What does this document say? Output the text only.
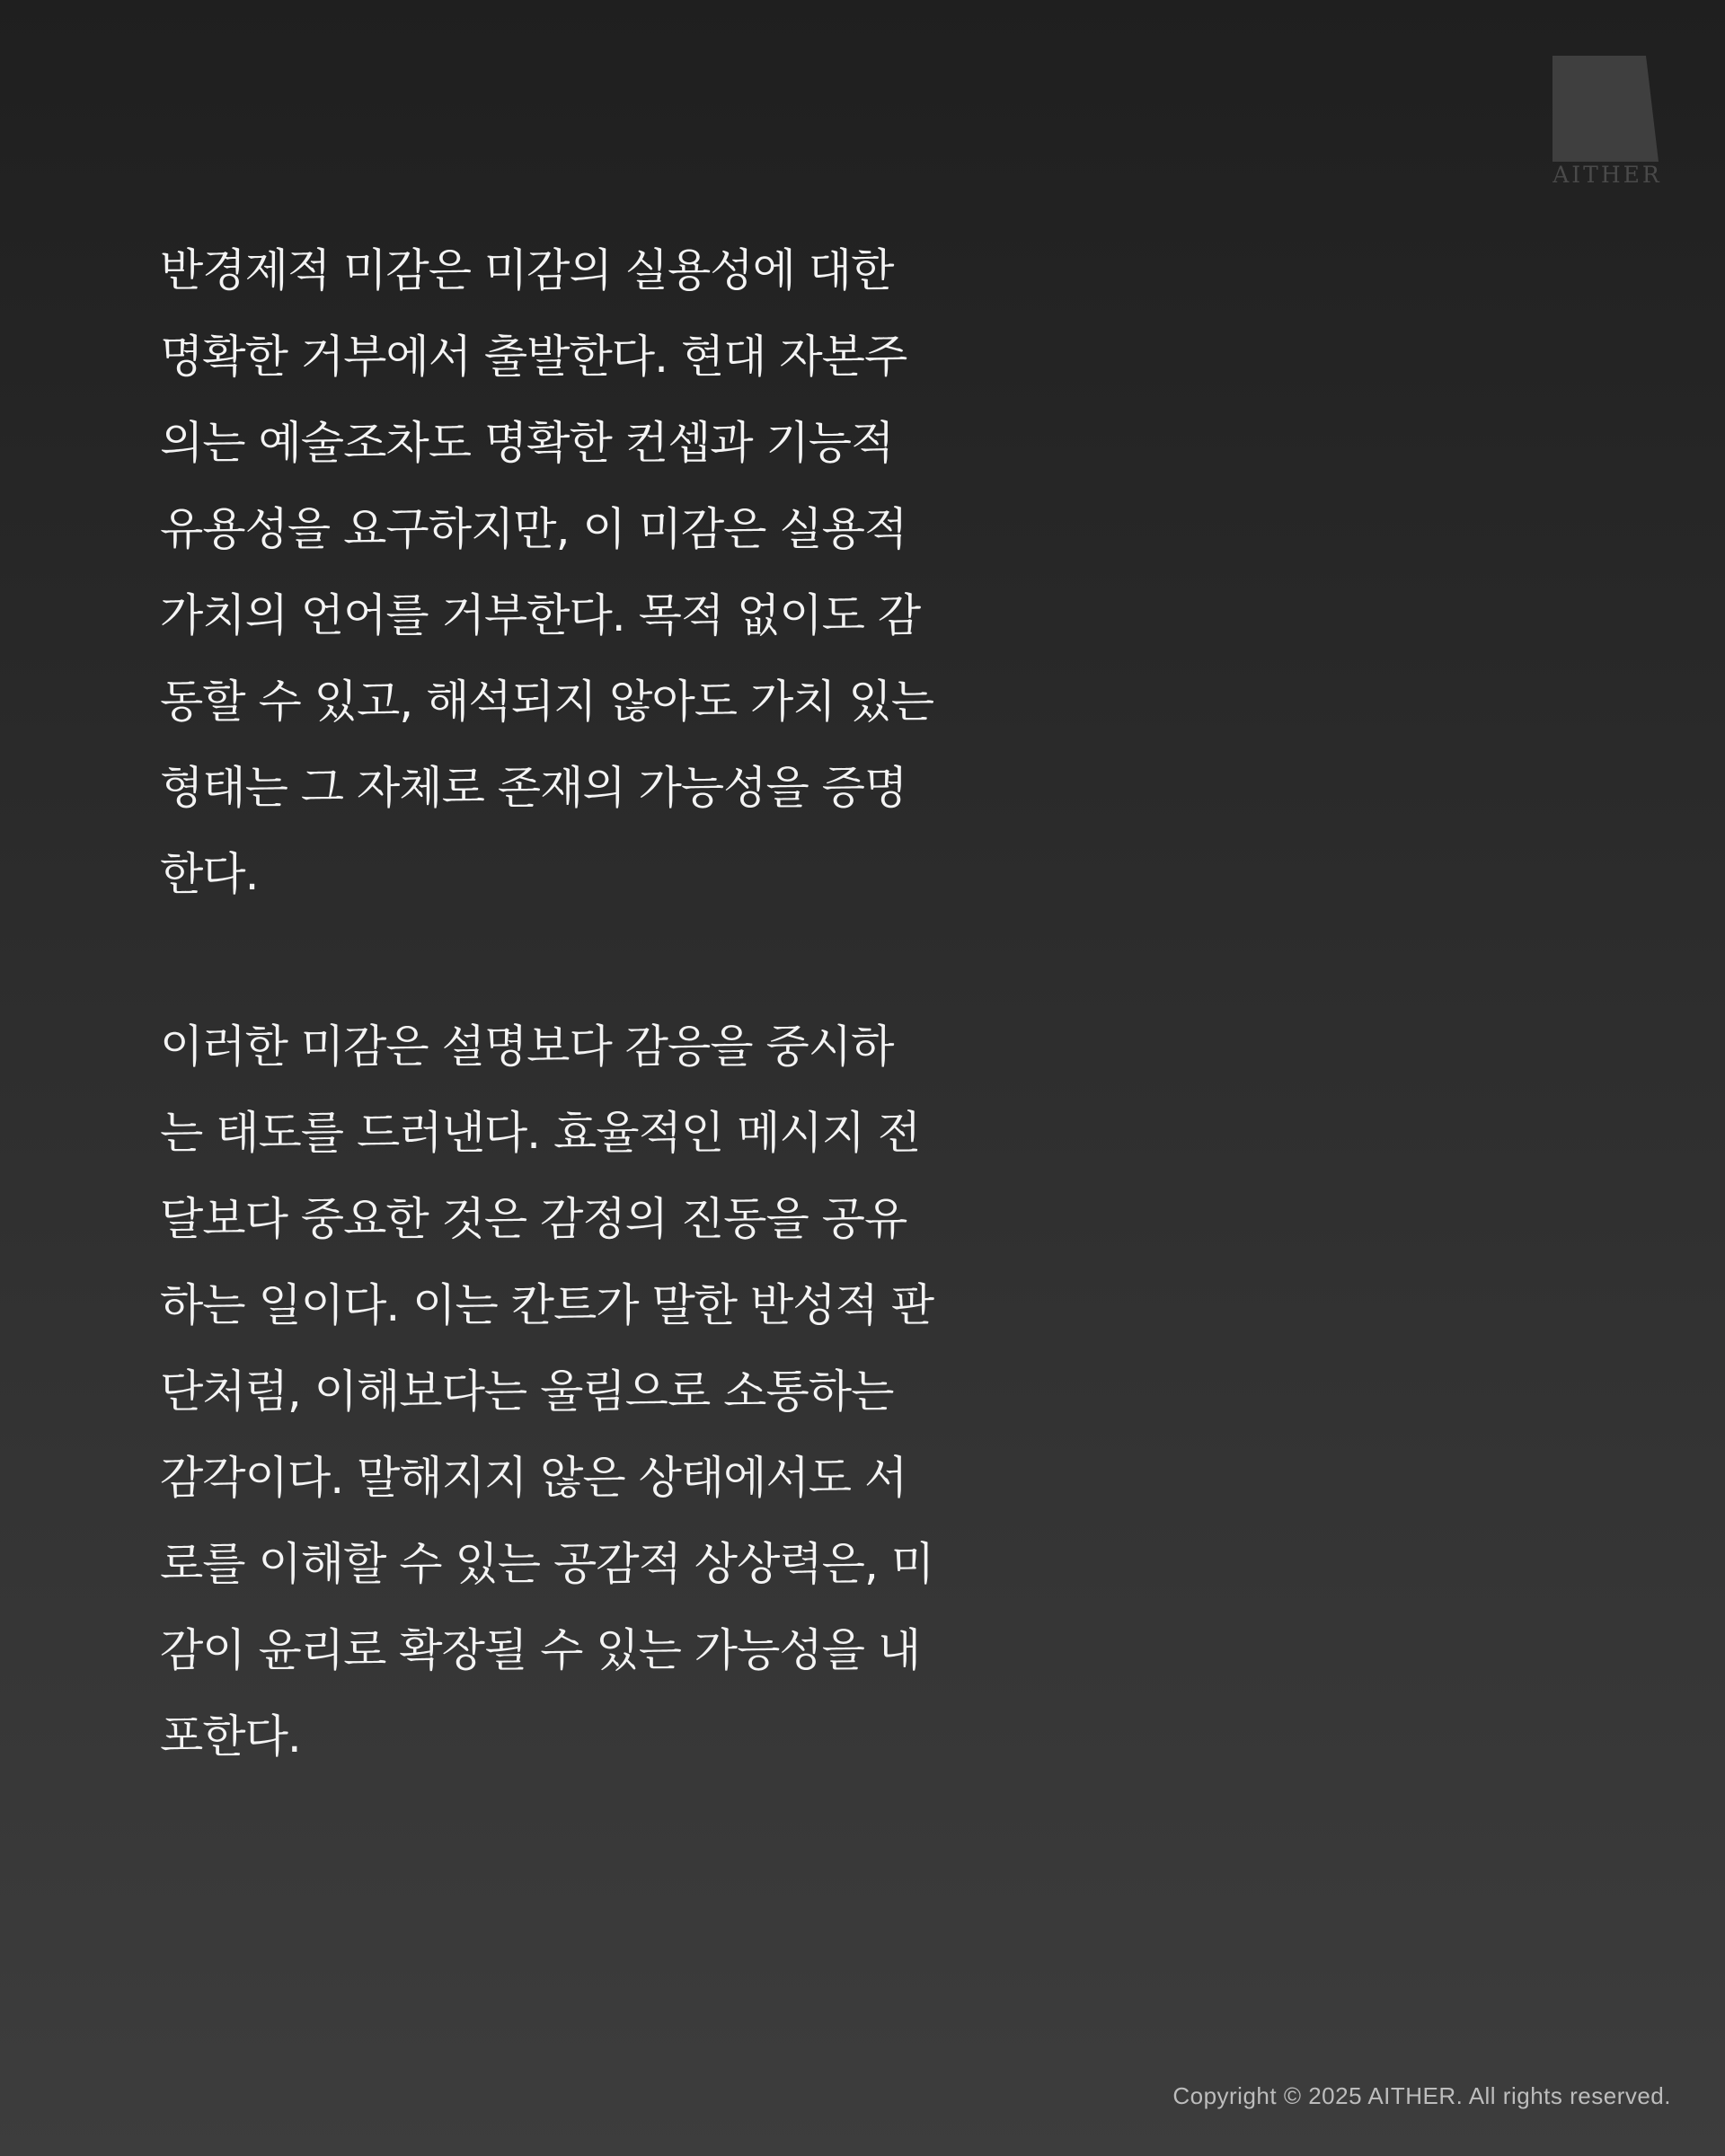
AITHER

반경제적 미감은 미감의 실용성에 대한
명확한 거부에서 출발한다. 현대 자본주
의는 예술조차도 명확한 컨셉과 기능적
유용성을 요구하지만, 이 미감은 실용적
가치의 언어를 거부한다. 목적 없이도 감
동할 수 있고, 해석되지 않아도 가치 있는
형태는 그 자체로 존재의 가능성을 증명
한다.

이러한 미감은 설명보다 감응을 중시하
는 태도를 드러낸다. 효율적인 메시지 전
달보다 중요한 것은 감정의 진동을 공유
하는 일이다. 이는 칸트가 말한 반성적 판
단처럼, 이해보다는 울림으로 소통하는
감각이다. 말해지지 않은 상태에서도 서
로를 이해할 수 있는 공감적 상상력은, 미
감이 윤리로 확장될 수 있는 가능성을 내
포한다.

Copyright © 2025 AITHER. All rights reserved.
